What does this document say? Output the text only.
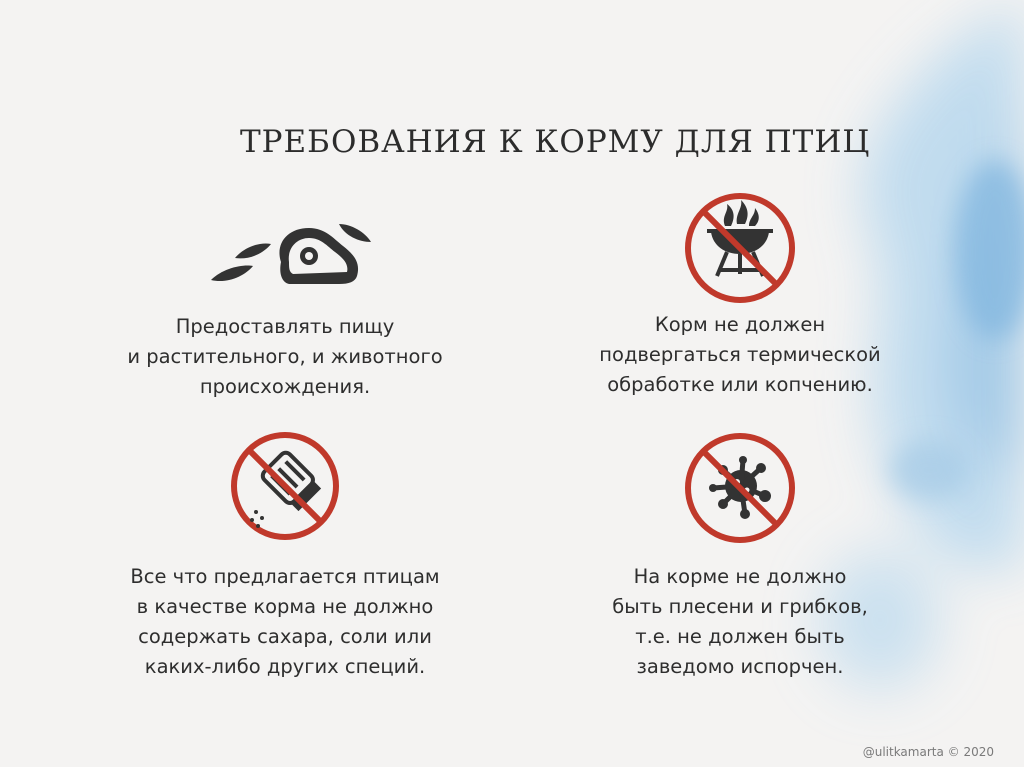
ТРЕБОВАНИЯ К КОРМУ ДЛЯ ПТИЦ

Предоставлять пищу
и растительного, и животного
происхождения.

Корм не должен
подвергаться термической
обработке или копчению.

Все что предлагается птицам
в качестве корма не должно
содержать сахара, соли или
каких-либо других специй.

На корме не должно
быть плесени и грибков,
т.е. не должен быть
заведомо испорчен.

@ulitkamarta © 2020
